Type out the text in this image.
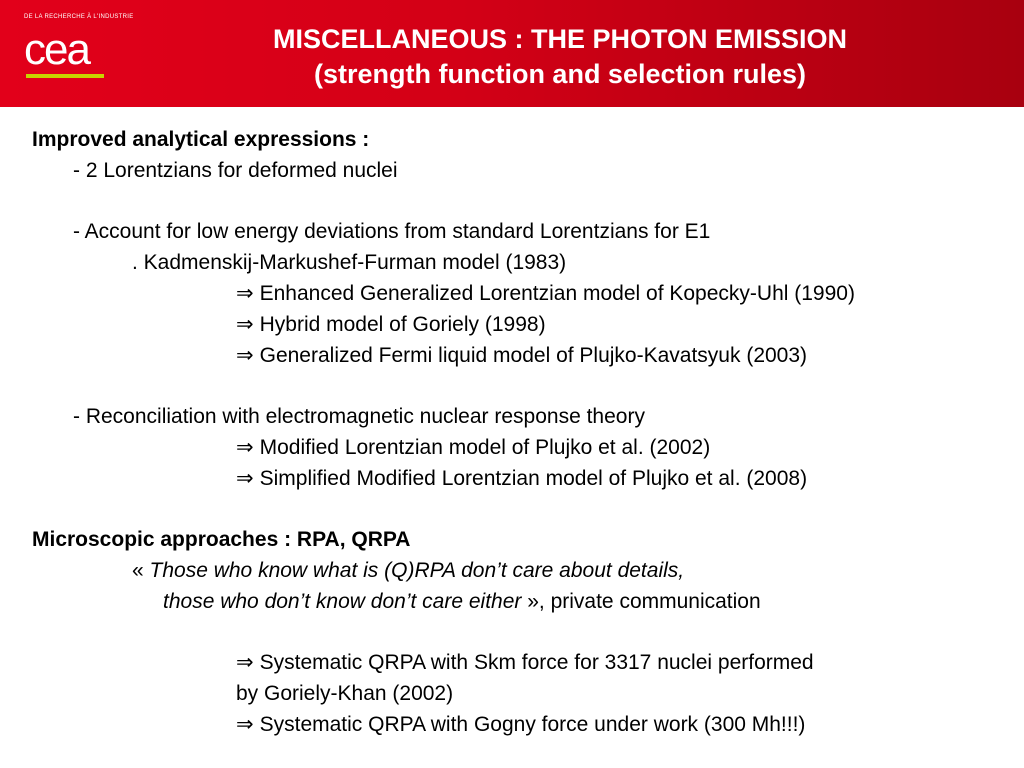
DE LA RECHERCHE À L'INDUSTRIE
cea	MISCELLANEOUS : THE PHOTON EMISSION
(strength function and selection rules)
Improved analytical expressions :
- 2 Lorentzians for deformed nuclei
- Account for low energy deviations from standard Lorentzians for E1
. Kadmenskij-Markushef-Furman model (1983)
⇒ Enhanced Generalized Lorentzian model of Kopecky-Uhl (1990)
⇒ Hybrid model of Goriely (1998)
⇒ Generalized Fermi liquid model of Plujko-Kavatsyuk (2003)
- Reconciliation with electromagnetic nuclear response theory
⇒ Modified Lorentzian model of Plujko et al. (2002)
⇒ Simplified Modified Lorentzian model of Plujko et al. (2008)
Microscopic approaches : RPA, QRPA
« Those who know what is (Q)RPA don’t care about details,
those who don’t know don’t care either », private communication
⇒ Systematic QRPA with Skm force for 3317 nuclei performed
by Goriely-Khan (2002)
⇒ Systematic QRPA with Gogny force under work (300 Mh!!!)
